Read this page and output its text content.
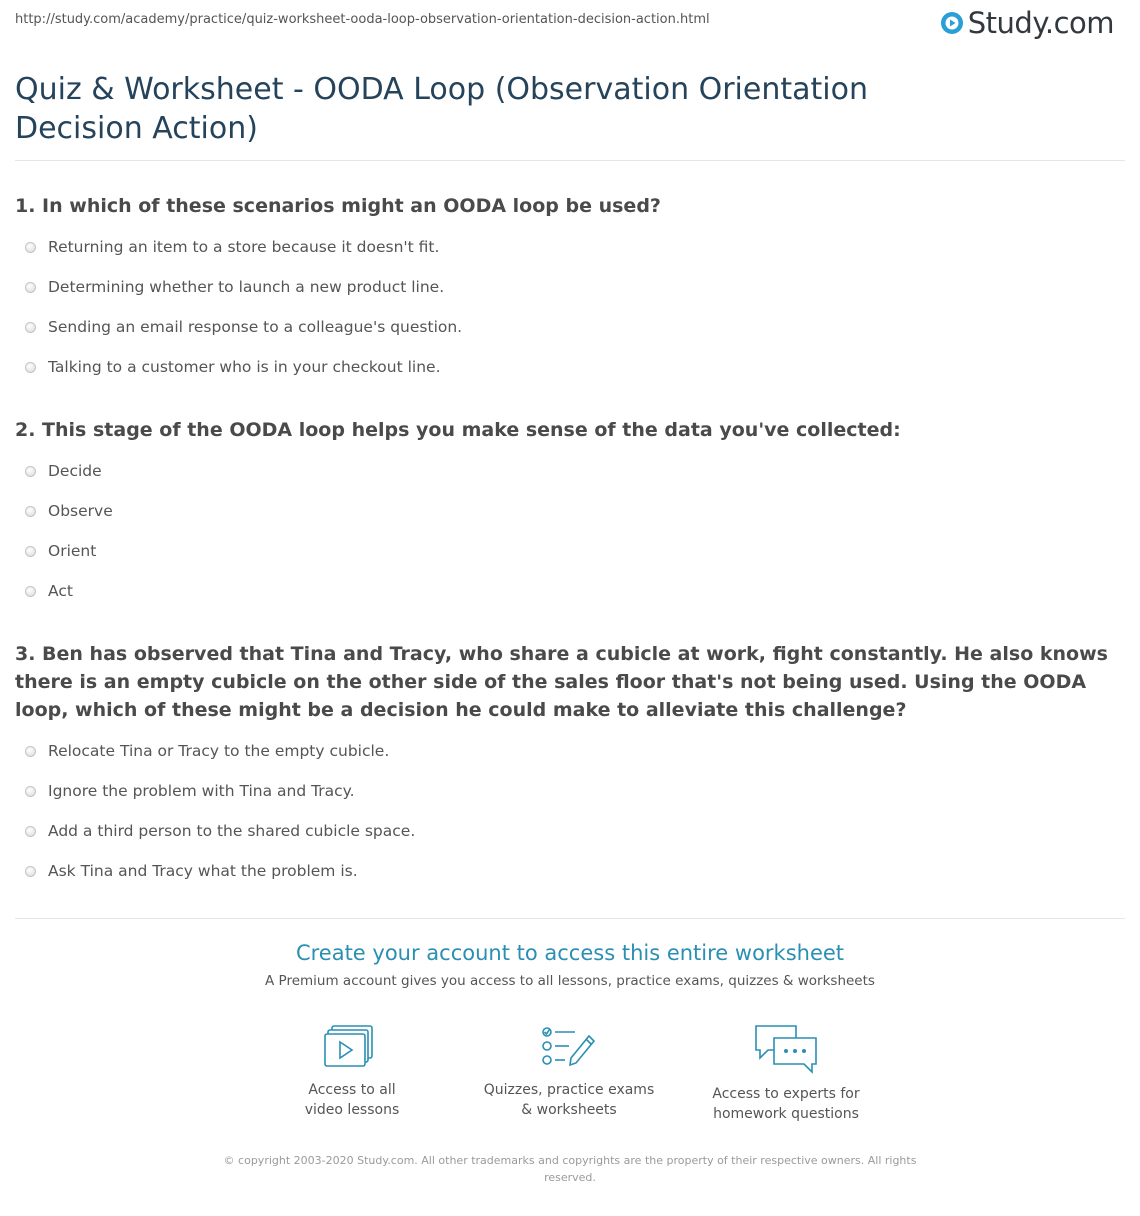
http://study.com/academy/practice/quiz-worksheet-ooda-loop-observation-orientation-decision-action.html	Study.com
Quiz & Worksheet - OODA Loop (Observation Orientation Decision Action)
1. In which of these scenarios might an OODA loop be used?
Returning an item to a store because it doesn't fit.
Determining whether to launch a new product line.
Sending an email response to a colleague's question.
Talking to a customer who is in your checkout line.
2. This stage of the OODA loop helps you make sense of the data you've collected:
Decide
Observe
Orient
Act
3. Ben has observed that Tina and Tracy, who share a cubicle at work, fight constantly. He also knows there is an empty cubicle on the other side of the sales floor that's not being used. Using the OODA loop, which of these might be a decision he could make to alleviate this challenge?
Relocate Tina or Tracy to the empty cubicle.
Ignore the problem with Tina and Tracy.
Add a third person to the shared cubicle space.
Ask Tina and Tracy what the problem is.
Create your account to access this entire worksheet
A Premium account gives you access to all lessons, practice exams, quizzes & worksheets
Access to all
video lessons
Quizzes, practice exams
& worksheets
Access to experts for
homework questions
© copyright 2003-2020 Study.com. All other trademarks and copyrights are the property of their respective owners. All rights reserved.
